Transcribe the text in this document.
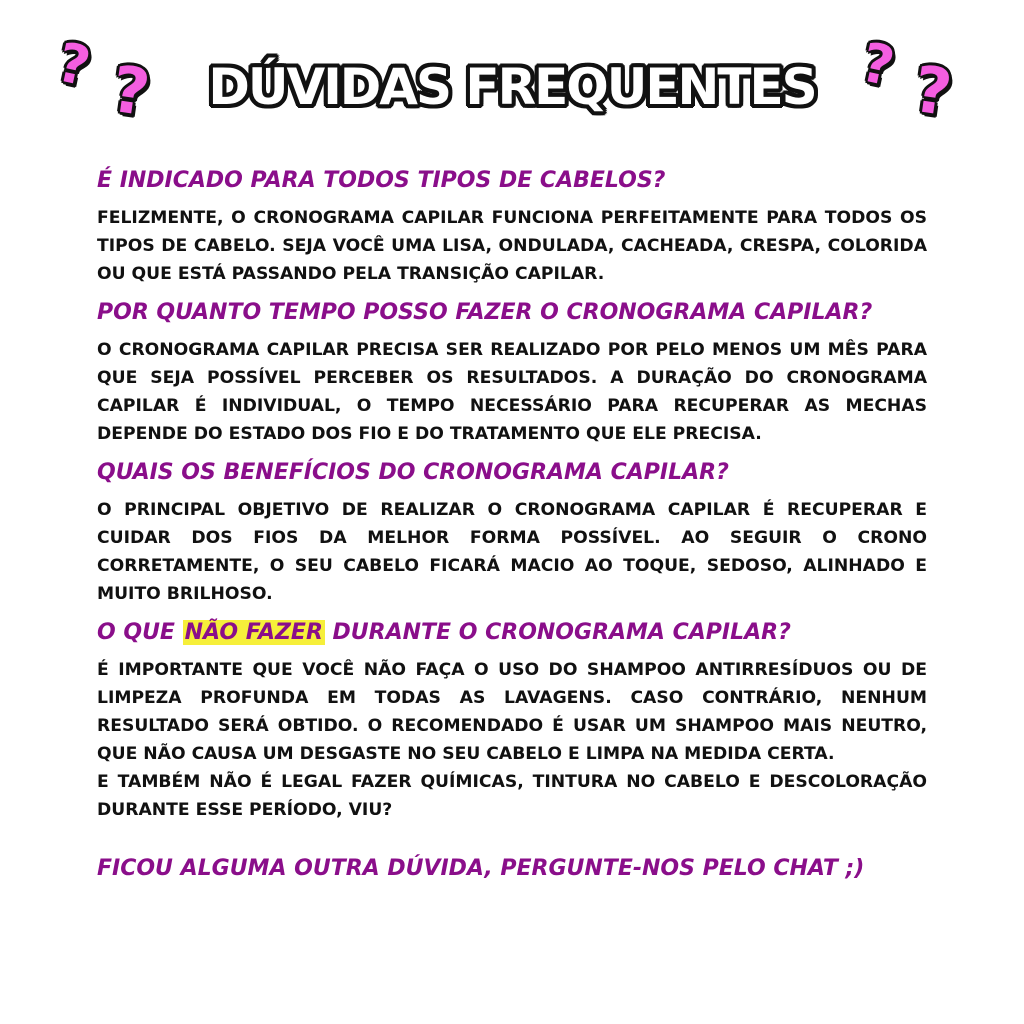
? ?	DÚVIDAS FREQUENTES ? ?
É INDICADO PARA TODOS TIPOS DE CABELOS?
FELIZMENTE, O CRONOGRAMA CAPILAR FUNCIONA PERFEITAMENTE PARA TODOS OS TIPOS DE CABELO. SEJA VOCÊ UMA LISA, ONDULADA, CACHEADA, CRESPA, COLORIDA OU QUE ESTÁ PASSANDO PELA TRANSIÇÃO CAPILAR.
POR QUANTO TEMPO POSSO FAZER O CRONOGRAMA CAPILAR?
O CRONOGRAMA CAPILAR PRECISA SER REALIZADO POR PELO MENOS UM MÊS PARA QUE SEJA POSSÍVEL PERCEBER OS RESULTADOS. A DURAÇÃO DO CRONOGRAMA CAPILAR É INDIVIDUAL, O TEMPO NECESSÁRIO PARA RECUPERAR AS MECHAS DEPENDE DO ESTADO DOS FIO E DO TRATAMENTO QUE ELE PRECISA.
QUAIS OS BENEFÍCIOS DO CRONOGRAMA CAPILAR?
O PRINCIPAL OBJETIVO DE REALIZAR O CRONOGRAMA CAPILAR É RECUPERAR E CUIDAR DOS FIOS DA MELHOR FORMA POSSÍVEL. AO SEGUIR O CRONO CORRETAMENTE, O SEU CABELO FICARÁ MACIO AO TOQUE, SEDOSO, ALINHADO E MUITO BRILHOSO.
O QUE NÃO FAZER DURANTE O CRONOGRAMA CAPILAR?

É IMPORTANTE QUE VOCÊ NÃO FAÇA O USO DO SHAMPOO ANTIRRESÍDUOS OU DE LIMPEZA PROFUNDA EM TODAS AS LAVAGENS. CASO CONTRÁRIO, NENHUM RESULTADO SERÁ OBTIDO. O RECOMENDADO É USAR UM SHAMPOO MAIS NEUTRO, QUE NÃO CAUSA UM DESGASTE NO SEU CABELO E LIMPA NA MEDIDA CERTA.

E TAMBÉM NÃO É LEGAL FAZER QUÍMICAS, TINTURA NO CABELO E DESCOLORAÇÃO DURANTE ESSE PERÍODO, VIU?

FICOU ALGUMA OUTRA DÚVIDA, PERGUNTE-NOS PELO CHAT ;)
